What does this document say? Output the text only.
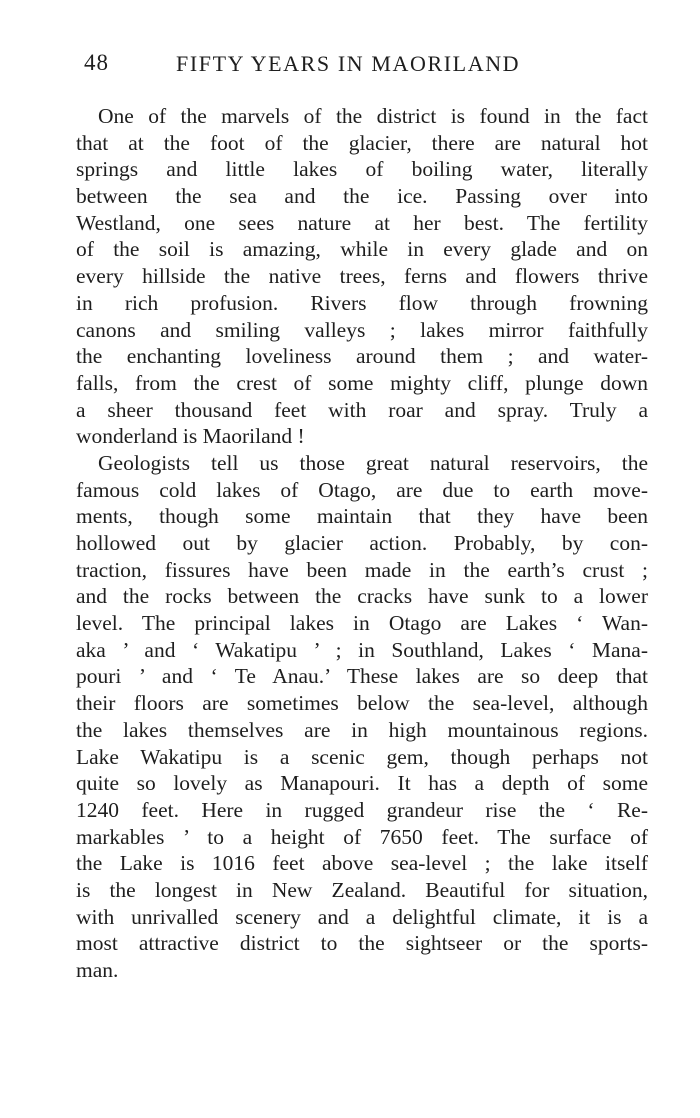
48	FIFTY YEARS IN MAORILAND
One of the marvels of the district is found in the fact
that at the foot of the glacier, there are natural hot
springs and little lakes of boiling water, literally
between the sea and the ice. Passing over into
Westland, one sees nature at her best. The fertility
of the soil is amazing, while in every glade and on
every hillside the native trees, ferns and flowers thrive
in rich profusion. Rivers flow through frowning
canons and smiling valleys ; lakes mirror faithfully
the enchanting loveliness around them ; and water-
falls, from the crest of some mighty cliff, plunge down
a sheer thousand feet with roar and spray. Truly a
wonderland is Maoriland !
Geologists tell us those great natural reservoirs, the
famous cold lakes of Otago, are due to earth move-
ments, though some maintain that they have been
hollowed out by glacier action. Probably, by con-
traction, fissures have been made in the earth’s crust ;
and the rocks between the cracks have sunk to a lower
level. The principal lakes in Otago are Lakes ‘ Wan-
aka ’ and ‘ Wakatipu ’ ; in Southland, Lakes ‘ Mana-
pouri ’ and ‘ Te Anau.’ These lakes are so deep that
their floors are sometimes below the sea-level, although
the lakes themselves are in high mountainous regions.
Lake Wakatipu is a scenic gem, though perhaps not
quite so lovely as Manapouri. It has a depth of some
1240 feet. Here in rugged grandeur rise the ‘ Re-
markables ’ to a height of 7650 feet. The surface of
the Lake is 1016 feet above sea-level ; the lake itself
is the longest in New Zealand. Beautiful for situation,
with unrivalled scenery and a delightful climate, it is a
most attractive district to the sightseer or the sports-
man.
